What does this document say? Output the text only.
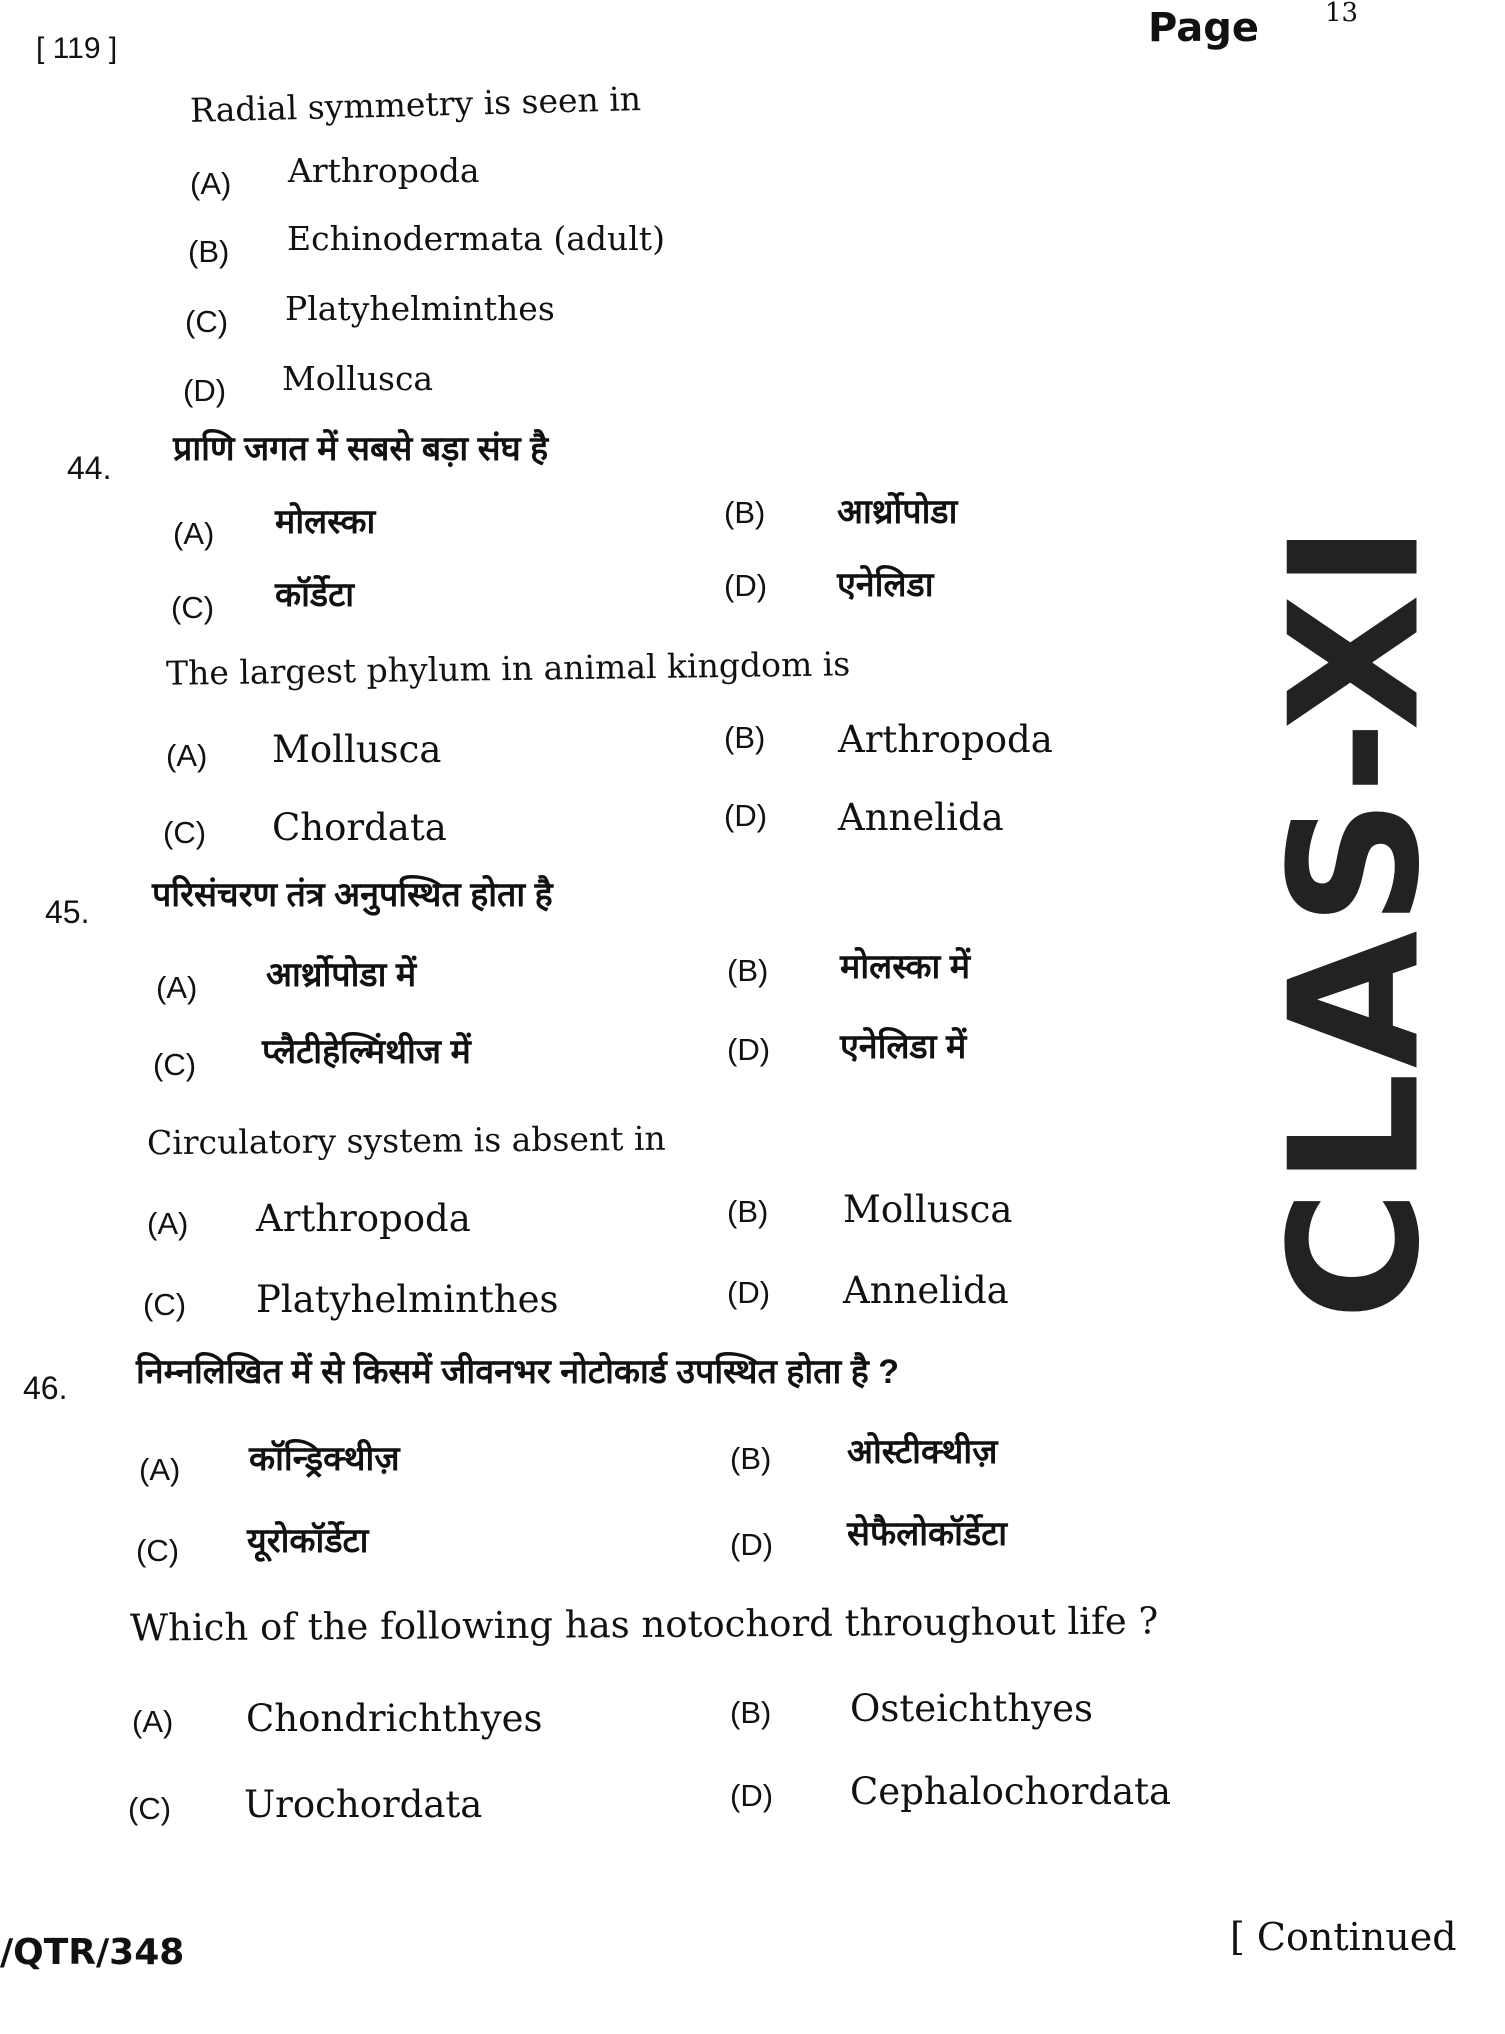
[ 119 ]	Page	13
CLAS-XI
Radial symmetry is seen in
(A) Arthropoda
(B) Echinodermata (adult)
(C) Platyhelminthes
(D) Mollusca
44. प्राणि जगत में सबसे बड़ा संघ है
(A) मोलस्का	(B) आर्थ्रोपोडा
(C) कॉर्डेटा	(D) एनेलिडा
The largest phylum in animal kingdom is
(A) Mollusca	(B) Arthropoda
(C) Chordata	(D) Annelida
45. परिसंचरण तंत्र अनुपस्थित होता है
(A) आर्थ्रोपोडा में	(B) मोलस्का में
(C) प्लैटीहेल्मिंथीज में	(D) एनेलिडा में
Circulatory system is absent in
(A) Arthropoda	(B) Mollusca
(C) Platyhelminthes	(D) Annelida
46. निम्नलिखित में से किसमें जीवनभर नोटोकार्ड उपस्थित होता है ?
(A) कॉन्ड्रिक्थीज़	(B) ओस्टीक्थीज़
(C) यूरोकॉर्डेटा	(D) सेफैलोकॉर्डेटा
Which of the following has notochord throughout life ?
(A) Chondrichthyes	(B) Osteichthyes
(C) Urochordata	(D) Cephalochordata
/QTR/348	[ Continued
